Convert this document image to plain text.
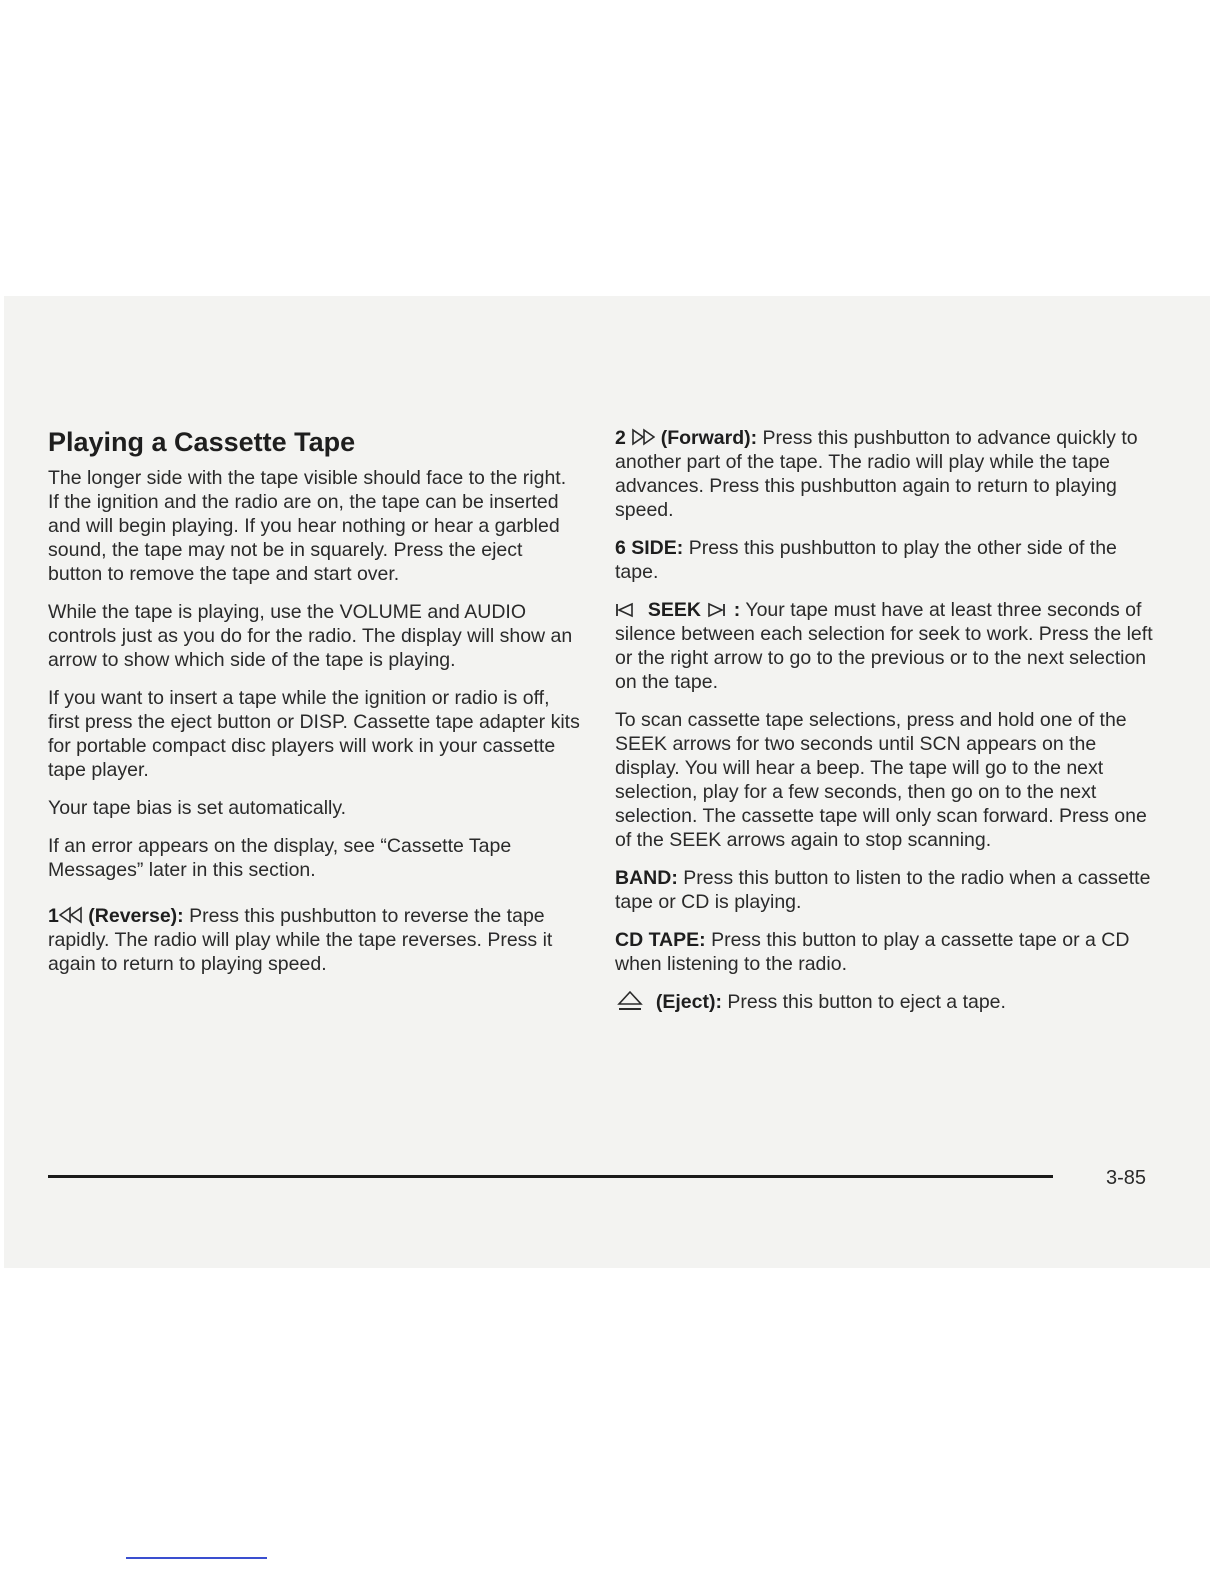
Playing a Cassette Tape

The longer side with the tape visible should face to the right. If the ignition and the radio are on, the tape can be inserted and will begin playing. If you hear nothing or hear a garbled sound, the tape may not be in squarely. Press the eject button to remove the tape and start over.

While the tape is playing, use the VOLUME and AUDIO controls just as you do for the radio. The display will show an arrow to show which side of the tape is playing.

If you want to insert a tape while the ignition or radio is off, first press the eject button or DISP. Cassette tape adapter kits for portable compact disc players will work in your cassette tape player.

Your tape bias is set automatically.

If an error appears on the display, see “Cassette Tape Messages” later in this section.

1 (Reverse): Press this pushbutton to reverse the tape rapidly. The radio will play while the tape reverses. Press it again to return to playing speed.

2 (Forward): Press this pushbutton to advance quickly to another part of the tape. The radio will play while the tape advances. Press this pushbutton again to return to playing speed.

6 SIDE: Press this pushbutton to play the other side of the tape.

SEEK : Your tape must have at least three seconds of silence between each selection for seek to work. Press the left or the right arrow to go to the previous or to the next selection on the tape.

To scan cassette tape selections, press and hold one of the SEEK arrows for two seconds until SCN appears on the display. You will hear a beep. The tape will go to the next selection, play for a few seconds, then go on to the next selection. The cassette tape will only scan forward. Press one of the SEEK arrows again to stop scanning.

BAND: Press this button to listen to the radio when a cassette tape or CD is playing.

CD TAPE: Press this button to play a cassette tape or a CD when listening to the radio.

(Eject): Press this button to eject a tape.

3-85
